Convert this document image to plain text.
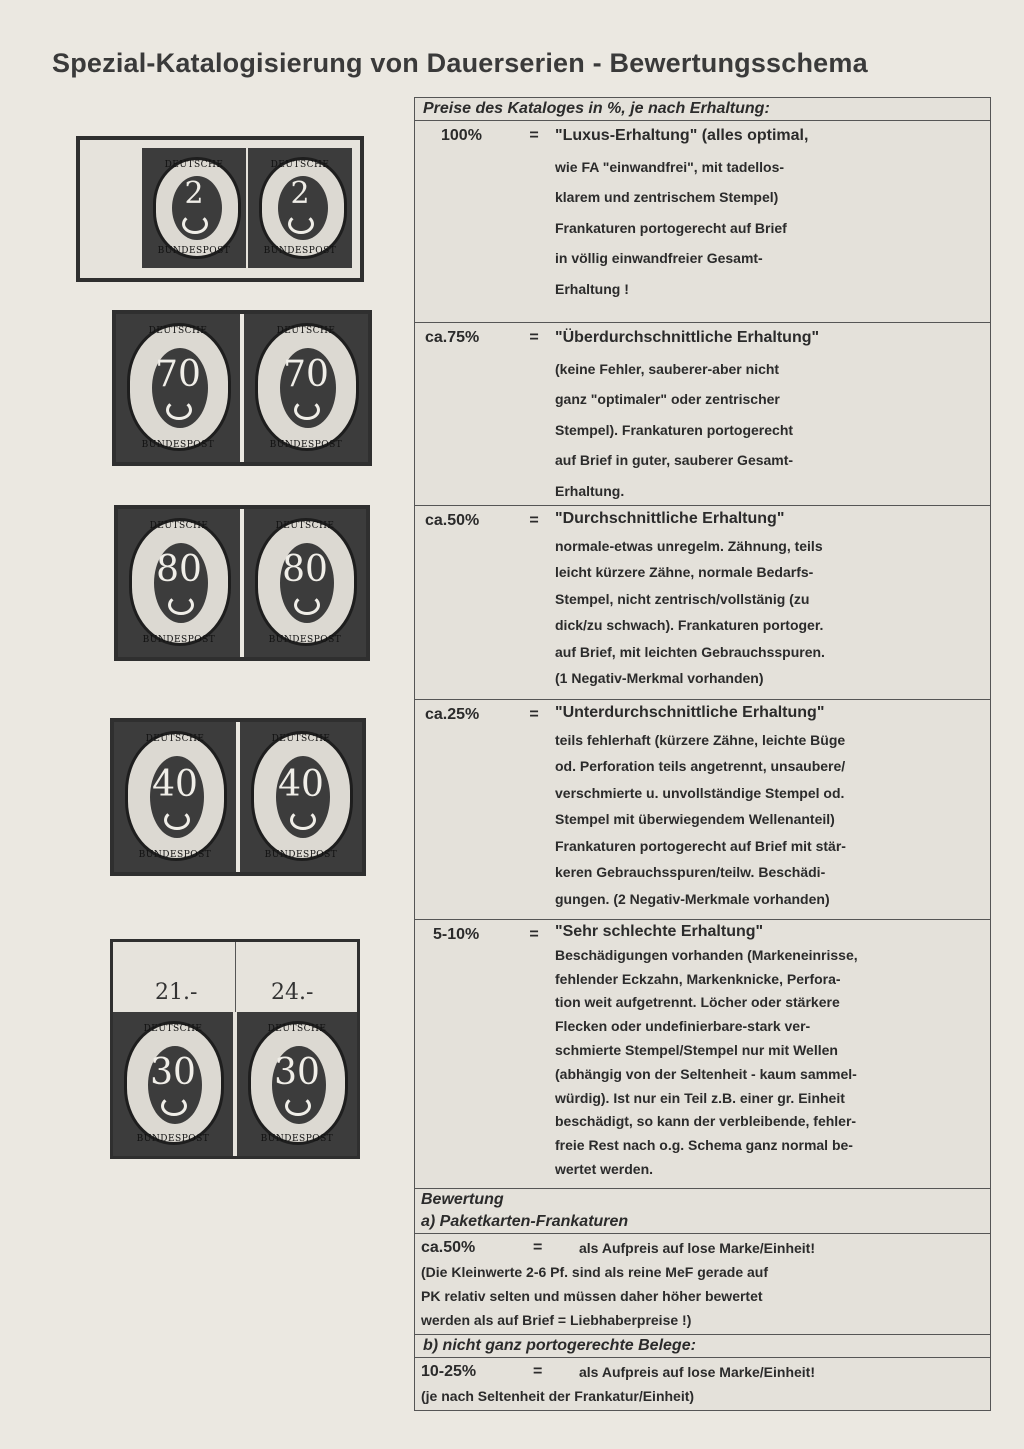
Spezial-Katalogisierung von Dauerserien - Bewertungsschema
DEUTSCHE
2
BUNDESPOST
DEUTSCHE
2
BUNDESPOST
DEUTSCHE
70
BUNDESPOST
DEUTSCHE
70
BUNDESPOST
DEUTSCHE
80
BUNDESPOST
DEUTSCHE
80
BUNDESPOST
DEUTSCHE
40
BUNDESPOST
DEUTSCHE
40
BUNDESPOST
21.-	24.-
DEUTSCHE
30
BUNDESPOST
DEUTSCHE
30
BUNDESPOST
Preise des Kataloges in %, je nach Erhaltung:
100%	=	"Luxus-Erhaltung" (alles optimal,
wie FA "einwandfrei", mit tadellos-
klarem und zentrischem Stempel)
Frankaturen portogerecht auf Brief
in völlig einwandfreier Gesamt-
Erhaltung !
ca.75%	=	"Überdurchschnittliche Erhaltung"
(keine Fehler, sauberer-aber nicht
ganz "optimaler" oder zentrischer
Stempel). Frankaturen portogerecht
auf Brief in guter, sauberer Gesamt-
Erhaltung.
ca.50%	=	"Durchschnittliche Erhaltung"
normale-etwas unregelm. Zähnung, teils
leicht kürzere Zähne, normale Bedarfs-
Stempel, nicht zentrisch/vollstänig (zu
dick/zu schwach). Frankaturen portoger.
auf Brief, mit leichten Gebrauchsspuren.
(1 Negativ-Merkmal vorhanden)
ca.25%	=	"Unterdurchschnittliche Erhaltung"
teils fehlerhaft (kürzere Zähne, leichte Büge
od. Perforation teils angetrennt, unsaubere/
verschmierte u. unvollständige Stempel od.
Stempel mit überwiegendem Wellenanteil)
Frankaturen portogerecht auf Brief mit stär-
keren Gebrauchsspuren/teilw. Beschädi-
gungen. (2 Negativ-Merkmale vorhanden)
5-10%	=	"Sehr schlechte Erhaltung"
Beschädigungen vorhanden (Markeneinrisse,
fehlender Eckzahn, Markenknicke, Perfora-
tion weit aufgetrennt. Löcher oder stärkere
Flecken oder undefinierbare-stark ver-
schmierte Stempel/Stempel nur mit Wellen
(abhängig von der Seltenheit - kaum sammel-
würdig). Ist nur ein Teil z.B. einer gr. Einheit
beschädigt, so kann der verbleibende, fehler-
freie Rest nach o.g. Schema ganz normal be-
wertet werden.
Bewertung
a) Paketkarten-Frankaturen
ca.50%	=	als Aufpreis auf lose Marke/Einheit!
(Die Kleinwerte 2-6 Pf. sind als reine MeF gerade auf
PK relativ selten und müssen daher höher bewertet
werden als auf Brief = Liebhaberpreise !)
b) nicht ganz portogerechte Belege:
10-25%	=	als Aufpreis auf lose Marke/Einheit!
(je nach Seltenheit der Frankatur/Einheit)
